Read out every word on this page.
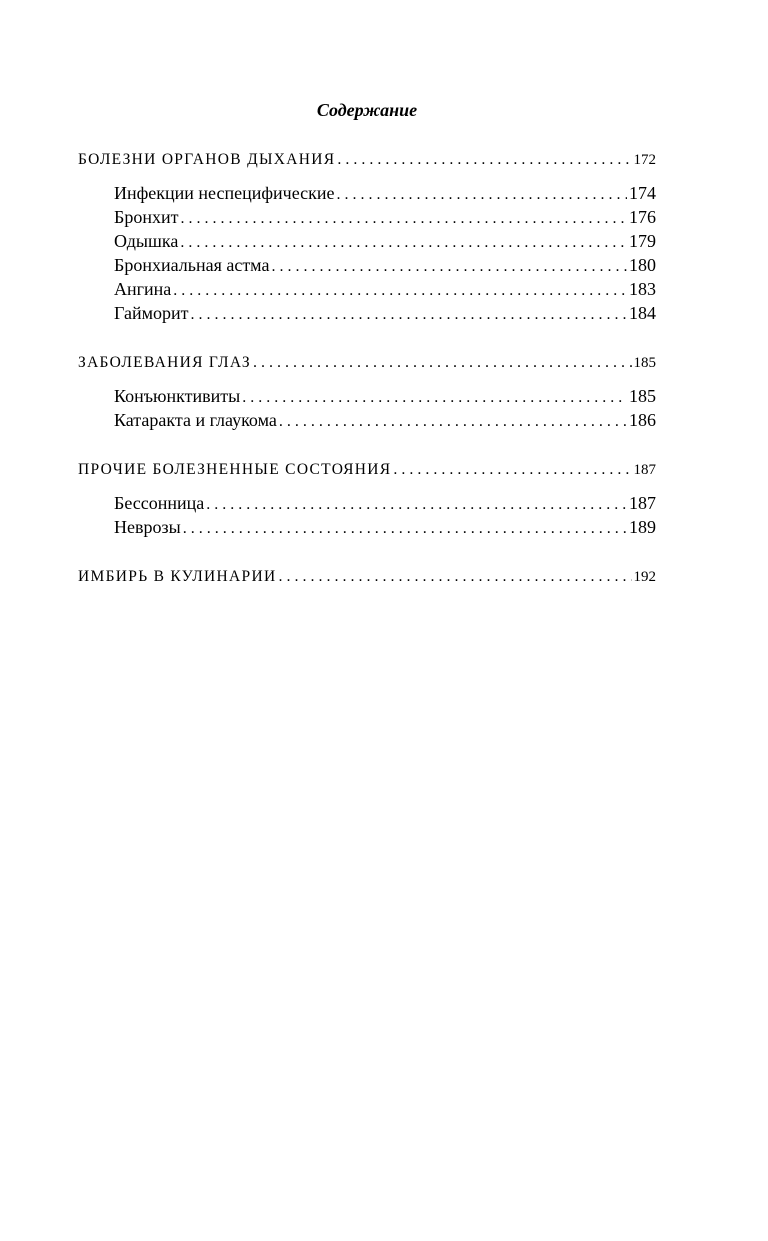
Содержание
БОЛЕЗНИ ОРГАНОВ ДЫХАНИЯ . . .	172
Инфекции неспецифические . . .	174
Бронхит . . .	176
Одышка . . .	179
Бронхиальная астма . . .	180
Ангина . . .	183
Гайморит . . .	184
ЗАБОЛЕВАНИЯ ГЛАЗ . . .	185
Конъюнктивиты . . .	185
Катаракта и глаукома . . .	186
ПРОЧИЕ БОЛЕЗНЕННЫЕ СОСТОЯНИЯ . . .	187
Бессонница . . .	187
Неврозы . . .	189
ИМБИРЬ В КУЛИНАРИИ . . .	192
